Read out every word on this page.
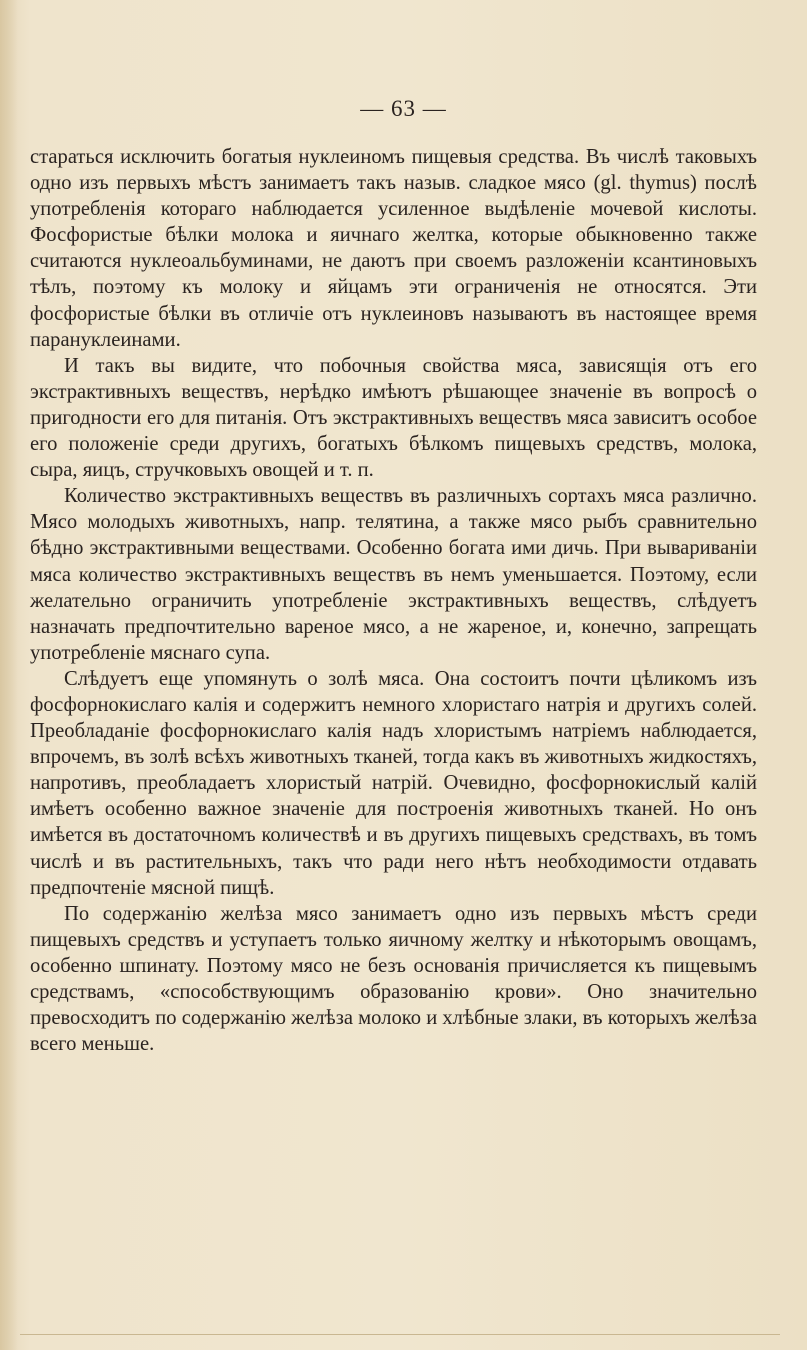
— 63 —

стараться исключить богатыя нуклеиномъ пищевыя средства. Въ числѣ таковыхъ одно изъ первыхъ мѣстъ занимаетъ такъ назыв. сладкое мясо (gl. thymus) послѣ употребленія котораго наблюдается усиленное выдѣленіе мочевой кислоты. Фосфористые бѣлки молока и яичнаго желтка, которые обыкновенно также считаются нуклеоальбуминами, не даютъ при своемъ разложеніи ксантиновыхъ тѣлъ, поэтому къ молоку и яйцамъ эти ограниченія не относятся. Эти фосфористые бѣлки въ отличіе отъ нуклеиновъ называютъ въ настоящее время парануклеинами.

И такъ вы видите, что побочныя свойства мяса, зависящія отъ его экстрактивныхъ веществъ, нерѣдко имѣютъ рѣшающее значеніе въ вопросѣ о пригодности его для питанія. Отъ экстрактивныхъ веществъ мяса зависитъ особое его положеніе среди другихъ, богатыхъ бѣлкомъ пищевыхъ средствъ, молока, сыра, яицъ, стручковыхъ овощей и т. п.

Количество экстрактивныхъ веществъ въ различныхъ сортахъ мяса различно. Мясо молодыхъ животныхъ, напр. телятина, а также мясо рыбъ сравнительно бѣдно экстрактивными веществами. Особенно богата ими дичь. При вывариваніи мяса количество экстрактивныхъ веществъ въ немъ уменьшается. Поэтому, если желательно ограничить употребленіе экстрактивныхъ веществъ, слѣдуетъ назначать предпочтительно вареное мясо, а не жареное, и, конечно, запрещать употребленіе мяснаго супа.

Слѣдуетъ еще упомянуть о золѣ мяса. Она состоитъ почти цѣликомъ изъ фосфорнокислаго калія и содержитъ немного хлористаго натрія и другихъ солей. Преобладаніе фосфорнокислаго калія надъ хлористымъ натріемъ наблюдается, впрочемъ, въ золѣ всѣхъ животныхъ тканей, тогда какъ въ животныхъ жидкостяхъ, напротивъ, преобладаетъ хлористый натрій. Очевидно, фосфорнокислый калій имѣетъ особенно важное значеніе для построенія животныхъ тканей. Но онъ имѣется въ достаточномъ количествѣ и въ другихъ пищевыхъ средствахъ, въ томъ числѣ и въ растительныхъ, такъ что ради него нѣтъ необходимости отдавать предпочтеніе мясной пищѣ.

По содержанію желѣза мясо занимаетъ одно изъ первыхъ мѣстъ среди пищевыхъ средствъ и уступаетъ только яичному желтку и нѣкоторымъ овощамъ, особенно шпинату. Поэтому мясо не безъ основанія причисляется къ пищевымъ средствамъ, «способствующимъ образованію крови». Оно значительно превосходитъ по содержанію желѣза молоко и хлѣбные злаки, въ которыхъ желѣза всего меньше.
